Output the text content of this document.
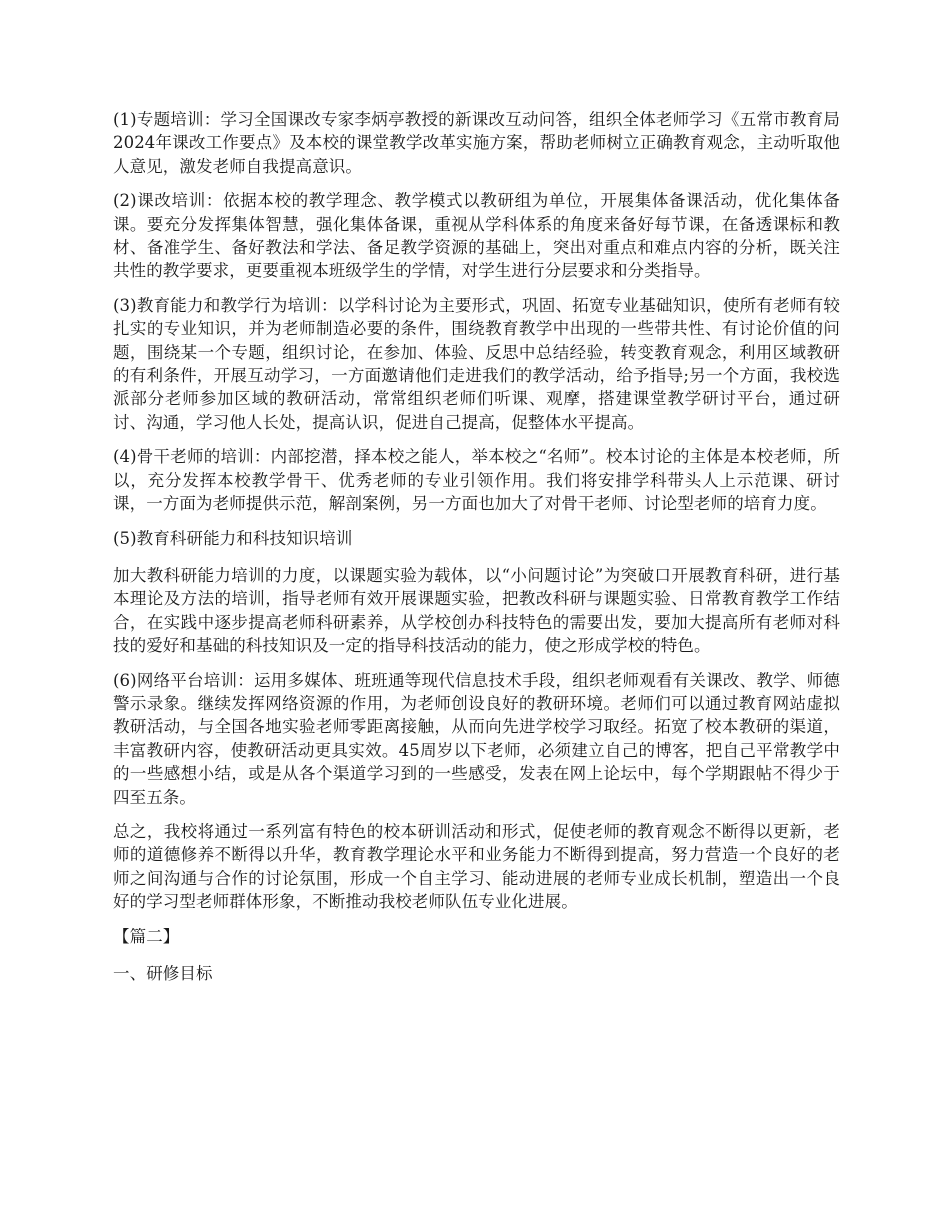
(1)专题培训：学习全国课改专家李炳亭教授的新课改互动问答，组织全体老师学习《五常市教育局2024年课改工作要点》及本校的课堂教学改革实施方案，帮助老师树立正确教育观念，主动听取他人意见，激发老师自我提高意识。

(2)课改培训：依据本校的教学理念、教学模式以教研组为单位，开展集体备课活动，优化集体备课。要充分发挥集体智慧，强化集体备课，重视从学科体系的角度来备好每节课，在备透课标和教材、备准学生、备好教法和学法、备足教学资源的基础上，突出对重点和难点内容的分析，既关注共性的教学要求，更要重视本班级学生的学情，对学生进行分层要求和分类指导。

(3)教育能力和教学行为培训：以学科讨论为主要形式，巩固、拓宽专业基础知识，使所有老师有较扎实的专业知识，并为老师制造必要的条件，围绕教育教学中出现的一些带共性、有讨论价值的问题，围绕某一个专题，组织讨论，在参加、体验、反思中总结经验，转变教育观念，利用区域教研的有利条件，开展互动学习，一方面邀请他们走进我们的教学活动，给予指导;另一个方面，我校选派部分老师参加区域的教研活动，常常组织老师们听课、观摩，搭建课堂教学研讨平台，通过研讨、沟通，学习他人长处，提高认识，促进自己提高，促整体水平提高。

(4)骨干老师的培训：内部挖潜，择本校之能人，举本校之“名师”。校本讨论的主体是本校老师，所以，充分发挥本校教学骨干、优秀老师的专业引领作用。我们将安排学科带头人上示范课、研讨课，一方面为老师提供示范，解剖案例，另一方面也加大了对骨干老师、讨论型老师的培育力度。

(5)教育科研能力和科技知识培训

加大教科研能力培训的力度，以课题实验为载体，以“小问题讨论”为突破口开展教育科研，进行基本理论及方法的培训，指导老师有效开展课题实验，把教改科研与课题实验、日常教育教学工作结合，在实践中逐步提高老师科研素养，从学校创办科技特色的需要出发，要加大提高所有老师对科技的爱好和基础的科技知识及一定的指导科技活动的能力，使之形成学校的特色。

(6)网络平台培训：运用多媒体、班班通等现代信息技术手段，组织老师观看有关课改、教学、师德警示录象。继续发挥网络资源的作用，为老师创设良好的教研环境。老师们可以通过教育网站虚拟教研活动，与全国各地实验老师零距离接触，从而向先进学校学习取经。拓宽了校本教研的渠道，丰富教研内容，使教研活动更具实效。45周岁以下老师，必须建立自己的博客，把自己平常教学中的一些感想小结，或是从各个渠道学习到的一些感受，发表在网上论坛中，每个学期跟帖不得少于四至五条。

总之，我校将通过一系列富有特色的校本研训活动和形式，促使老师的教育观念不断得以更新，老师的道德修养不断得以升华，教育教学理论水平和业务能力不断得到提高，努力营造一个良好的老师之间沟通与合作的讨论氛围，形成一个自主学习、能动进展的老师专业成长机制，塑造出一个良好的学习型老师群体形象，不断推动我校老师队伍专业化进展。

【篇二】

一、研修目标
